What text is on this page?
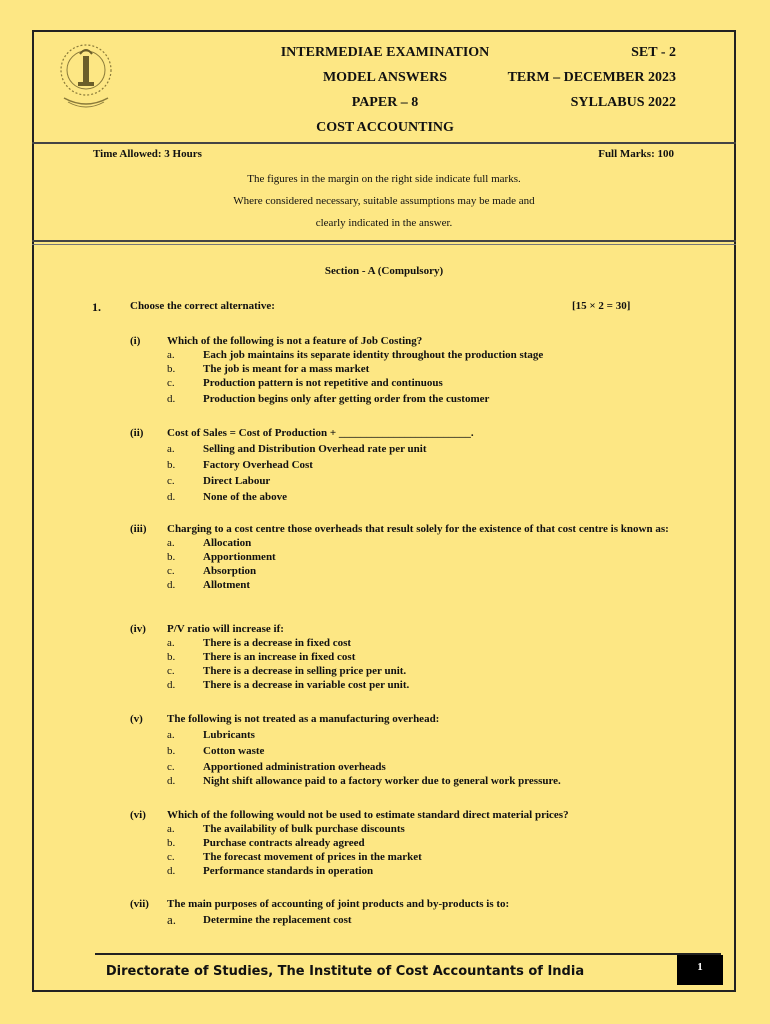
INTERMEDIAE EXAMINATION	SET - 2
MODEL ANSWERS	TERM – DECEMBER 2023
PAPER – 8	SYLLABUS 2022
COST ACCOUNTING
Time Allowed: 3 Hours	Full Marks: 100
The figures in the margin on the right side indicate full marks.
Where considered necessary, suitable assumptions may be made and
clearly indicated in the answer.
Section - A (Compulsory)
1.	Choose the correct alternative:	[15 × 2 = 30]
(i) Which of the following is not a feature of Job Costing?
a.	Each job maintains its separate identity throughout the production stage
b.	The job is meant for a mass market
c.	Production pattern is not repetitive and continuous
d.	Production begins only after getting order from the customer
(ii) Cost of Sales = Cost of Production + ________________________.
a.	Selling and Distribution Overhead rate per unit
b.	Factory Overhead Cost
c.	Direct Labour
d.	None of the above
(iii) Charging to a cost centre those overheads that result solely for the existence of that cost centre is known as:
a.	Allocation
b.	Apportionment
c.	Absorption
d.	Allotment
(iv) P/V ratio will increase if:
a.	There is a decrease in fixed cost
b.	There is an increase in fixed cost
c.	There is a decrease in selling price per unit.
d.	There is a decrease in variable cost per unit.
(v) The following is not treated as a manufacturing overhead:
a.	Lubricants
b.	Cotton waste
c.	Apportioned administration overheads
d.	Night shift allowance paid to a factory worker due to general work pressure.
(vi) Which of the following would not be used to estimate standard direct material prices?
a.	The availability of bulk purchase discounts
b.	Purchase contracts already agreed
c.	The forecast movement of prices in the market
d.	Performance standards in operation
(vii) The main purposes of accounting of joint products and by-products is to:
a. Determine the replacement cost
Directorate of Studies, The Institute of Cost Accountants of India	1
